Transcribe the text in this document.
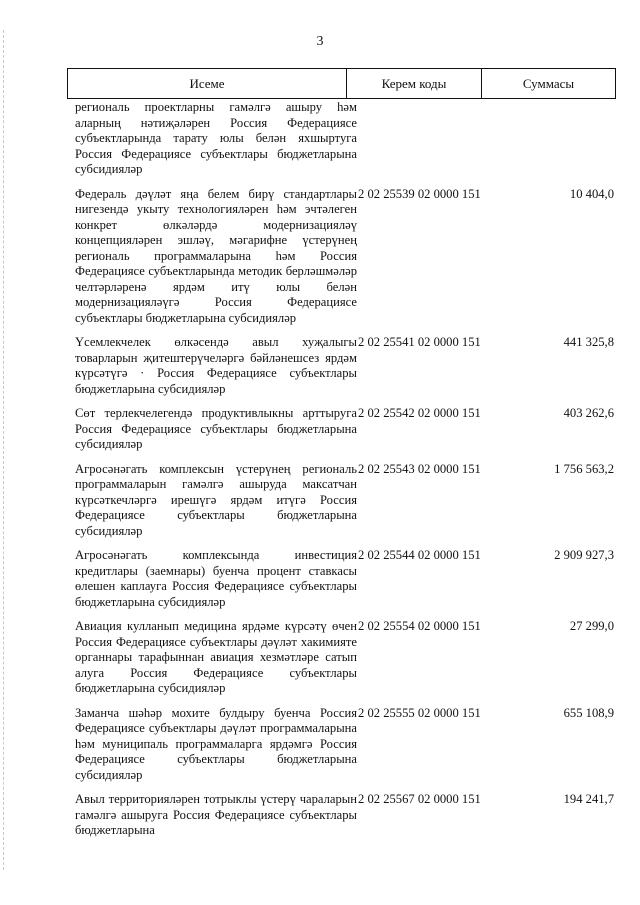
3
Исеме	Керем коды	Суммасы
региональ проектларны гамәлгә ашыру һәм аларның нәтиҗәләрен Россия Федерациясе субъектларында тарату юлы белән яхшыртуга Россия Федерациясе субъектлары бюджетларына субсидияләр
Федераль дәүләт яңа белем бирү стандартлары нигезендә укыту технологияләрен һәм эчтәлеген конкрет өлкәләрдә модернизацияләү концепцияләрен эшләү, мәгарифне үстерүнең региональ программаларына һәм Россия Федерациясе субъектларында методик берләшмәләр челтәрләренә ярдәм итү юлы белән модернизацияләүгә Россия Федерациясе субъектлары бюджетларына субсидияләр
2 02 25539 02 0000 151	10 404,0
Үсемлекчелек өлкәсендә авыл хуҗалыгы товарларын җитештерүчеләргә бәйләнешсез ярдәм күрсәтүгә · Россия Федерациясе субъектлары бюджетларына субсидияләр
2 02 25541 02 0000 151	441 325,8
Сөт терлекчелегендә продуктивлыкны арттыруга Россия Федерациясе субъектлары бюджетларына субсидияләр
2 02 25542 02 0000 151	403 262,6
Агросәнәгать комплексын үстерүнең региональ программаларын гамәлгә ашыруда максатчан күрсәткечләргә ирешүгә ярдәм итүгә Россия Федерациясе субъектлары бюджетларына субсидияләр
2 02 25543 02 0000 151	1 756 563,2
Агросәнәгать комплексында инвестиция кредитлары (заемнары) буенча процент ставкасы өлешен каплауга Россия Федерациясе субъектлары бюджетларына субсидияләр
2 02 25544 02 0000 151	2 909 927,3
Авиация кулланып медицина ярдәме күрсәтү өчен Россия Федерациясе субъектлары дәүләт хакимияте органнары тарафыннан авиация хезмәтләре сатып алуга Россия Федерациясе субъектлары бюджетларына субсидияләр
2 02 25554 02 0000 151	27 299,0
Заманча шәһәр мохите булдыру буенча Россия Федерациясе субъектлары дәүләт программаларына һәм муниципаль программаларга ярдәмгә Россия Федерациясе субъектлары бюджетларына субсидияләр
2 02 25555 02 0000 151	655 108,9
Авыл территорияләрен тотрыклы үстерү чараларын гамәлгә ашыруга Россия Федерациясе субъектлары бюджетларына
2 02 25567 02 0000 151	194 241,7
